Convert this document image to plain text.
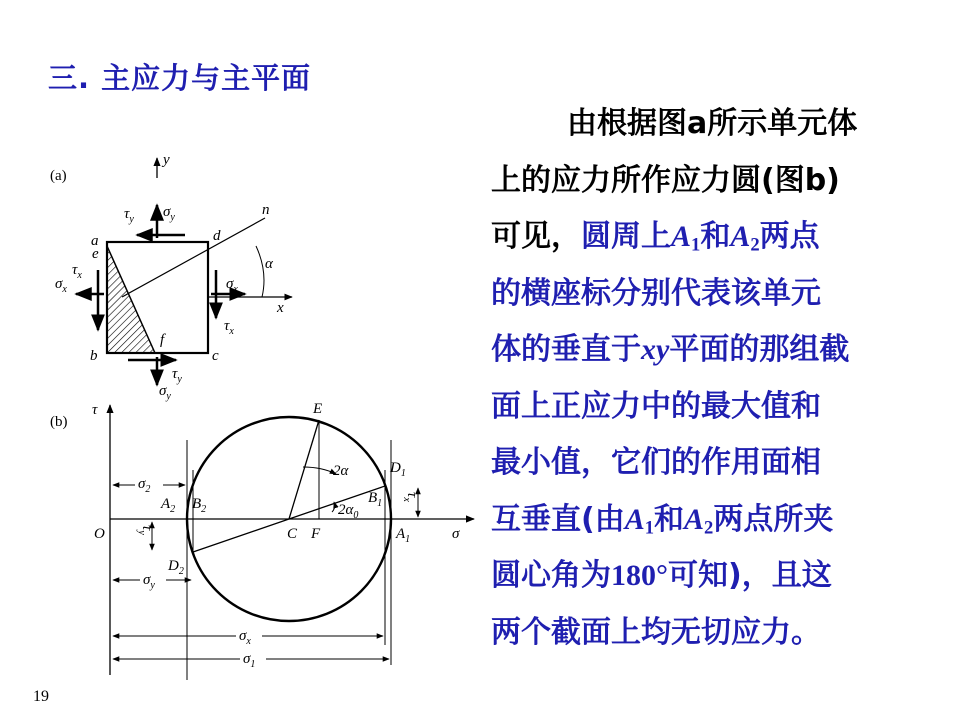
三. 主应力与主平面
(a)
y
n
x
α
a
e
d
b	c
f
$\sigma_y$
$\tau_y$
$\sigma_y$
$\tau_y$
$\sigma_x$
$\tau_x$
$\sigma_x$
$\tau_x$
(b)
τ
σ
O
E
C F
$D_1$
$D_2$
$A_1$
$A_2$
$B_1$
$B_2$
2α
$2\alpha_0$
$\sigma_2$
$\sigma_y$
$\sigma_x$
$\sigma_1$
$\tau_x$
$\tau_y$
由根据图a所示单元体
上的应力所作应力圆(图b)
可见，圆周上$A_1$和$A_2$两点
的横座标分别代表该单元
体的垂直于xy平面的那组截
面上正应力中的最大值和
最小值，它们的作用面相
互垂直(由$A_1$和$A_2$两点所夹
圆心角为180°可知)，且这
两个截面上均无切应力。
19
